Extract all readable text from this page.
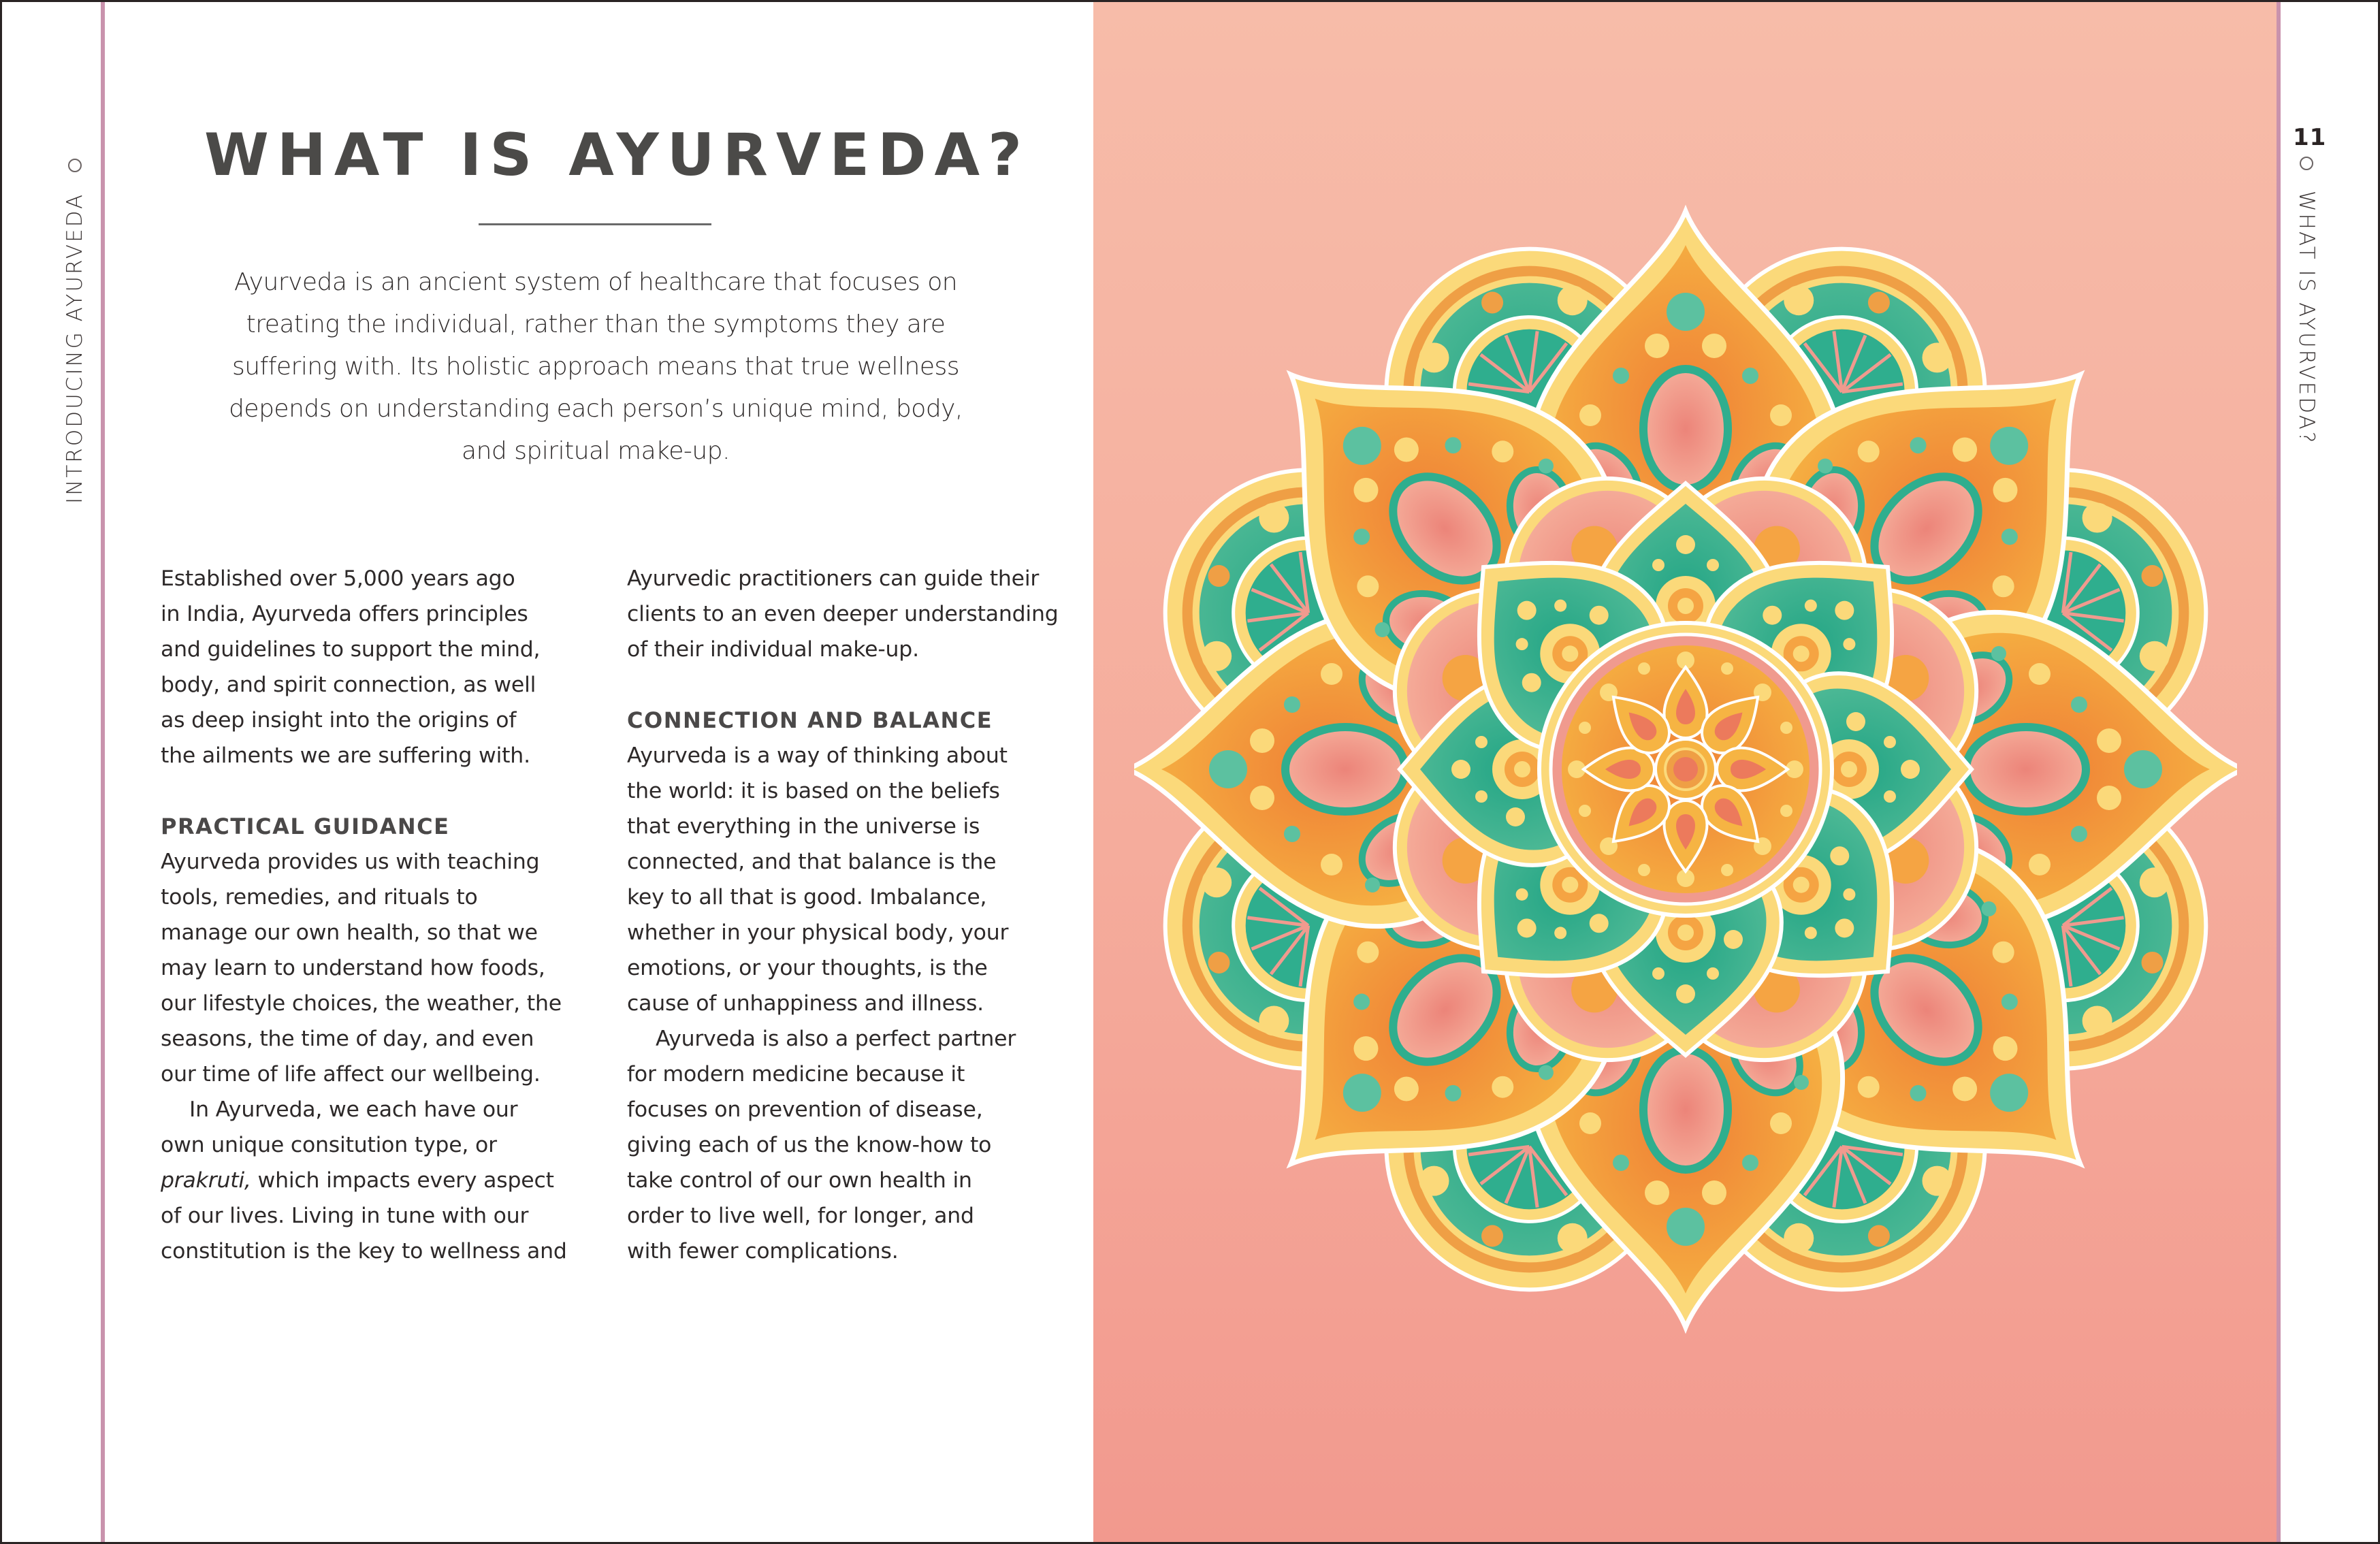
INTRODUCING AYURVEDA
WHAT IS AYURVEDA?
Ayurveda is an ancient system of healthcare that focuses on
treating the individual, rather than the symptoms they are
suffering with. Its holistic approach means that true wellness
depends on understanding each person’s unique mind, body,
and spiritual make-up.

Established over 5,000 years ago
in India, Ayurveda offers principles
and guidelines to support the mind,
body, and spirit connection, as well
as deep insight into the origins of
the ailments we are suffering with.

PRACTICAL GUIDANCE

Ayurveda provides us with teaching
tools, remedies, and rituals to
manage our own health, so that we
may learn to understand how foods,
our lifestyle choices, the weather, the
seasons, the time of day, and even
our time of life affect our wellbeing.

In Ayurveda, we each have our
own unique consitution type, or
prakruti, which impacts every aspect
of our lives. Living in tune with our
constitution is the key to wellness and

Ayurvedic practitioners can guide their
clients to an even deeper understanding
of their individual make-up.

CONNECTION AND BALANCE

Ayurveda is a way of thinking about
the world: it is based on the beliefs
that everything in the universe is
connected, and that balance is the
key to all that is good. Imbalance,
whether in your physical body, your
emotions, or your thoughts, is the
cause of unhappiness and illness.

Ayurveda is also a perfect partner
for modern medicine because it
focuses on prevention of disease,
giving each of us the know-how to
take control of our own health in
order to live well, for longer, and
with fewer complications.

11
WHAT IS AYURVEDA?
